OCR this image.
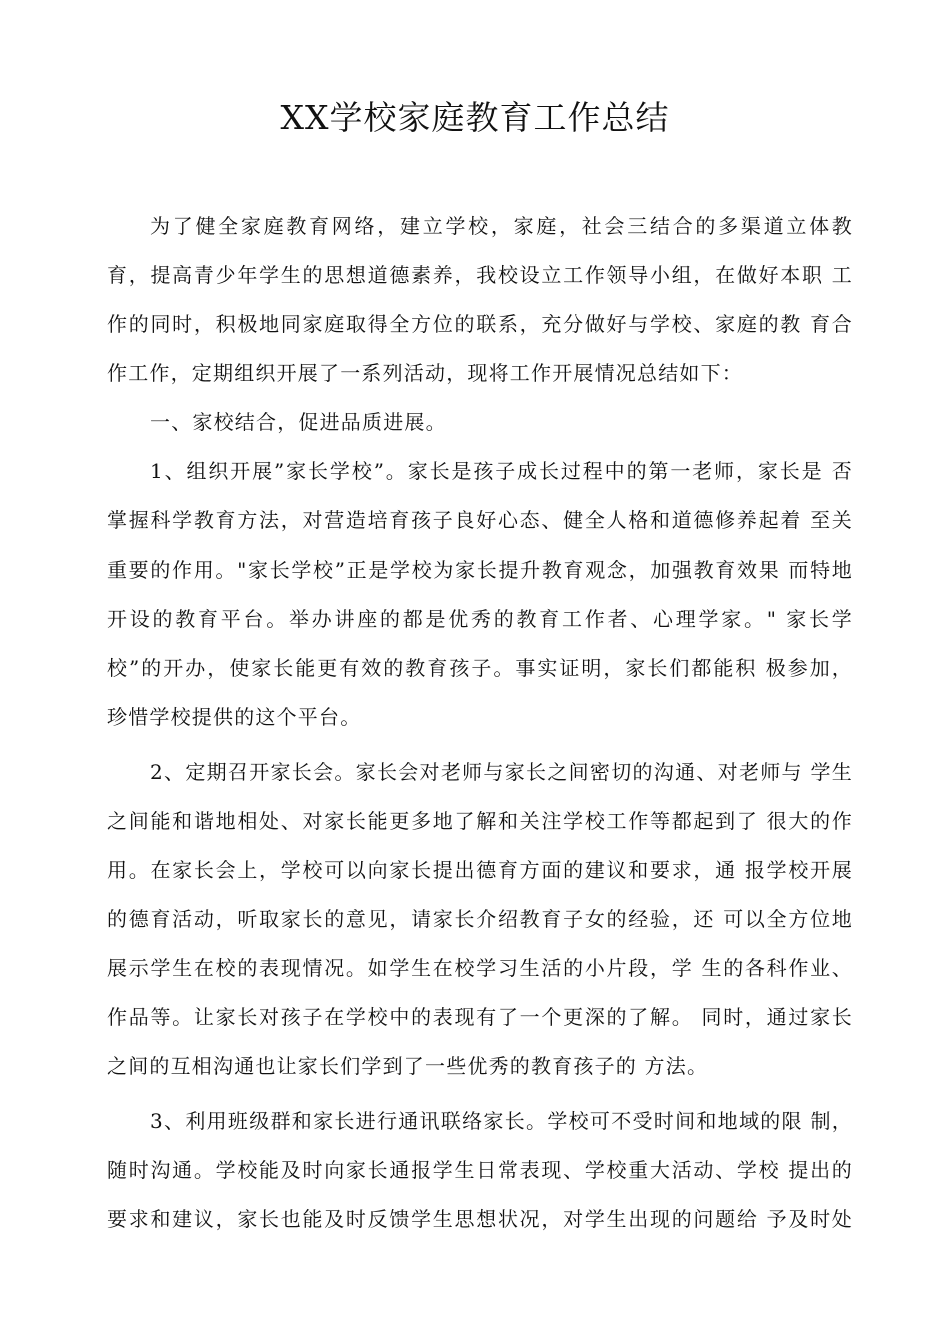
XX学校家庭教育工作总结
为了健全家庭教育网络，建立学校，家庭，社会三结合的多渠道立体教
育，提高青少年学生的思想道德素养，我校设立工作领导小组，在做好本职 工
作的同时，积极地同家庭取得全方位的联系，充分做好与学校、家庭的教 育合
作工作，定期组织开展了一系列活动，现将工作开展情况总结如下：
一、家校结合，促进品质进展。
1、组织开展”家长学校”。家长是孩子成长过程中的第一老师，家长是 否
掌握科学教育方法，对营造培育孩子良好心态、健全人格和道德修养起着 至关
重要的作用。"家长学校”正是学校为家长提升教育观念，加强教育效果 而特地
开设的教育平台。举办讲座的都是优秀的教育工作者、心理学家。" 家长学
校”的开办，使家长能更有效的教育孩子。事实证明，家长们都能积 极参加，
珍惜学校提供的这个平台。
2、定期召开家长会。家长会对老师与家长之间密切的沟通、对老师与 学生
之间能和谐地相处、对家长能更多地了解和关注学校工作等都起到了 很大的作
用。在家长会上，学校可以向家长提出德育方面的建议和要求，通 报学校开展
的德育活动，听取家长的意见，请家长介绍教育子女的经验，还 可以全方位地
展示学生在校的表现情况。如学生在校学习生活的小片段，学 生的各科作业、
作品等。让家长对孩子在学校中的表现有了一个更深的了解。 同时，通过家长
之间的互相沟通也让家长们学到了一些优秀的教育孩子的 方法。
3、利用班级群和家长进行通讯联络家长。学校可不受时间和地域的限 制，
随时沟通。学校能及时向家长通报学生日常表现、学校重大活动、学校 提出的
要求和建议，家长也能及时反馈学生思想状况，对学生出现的问题给 予及时处
